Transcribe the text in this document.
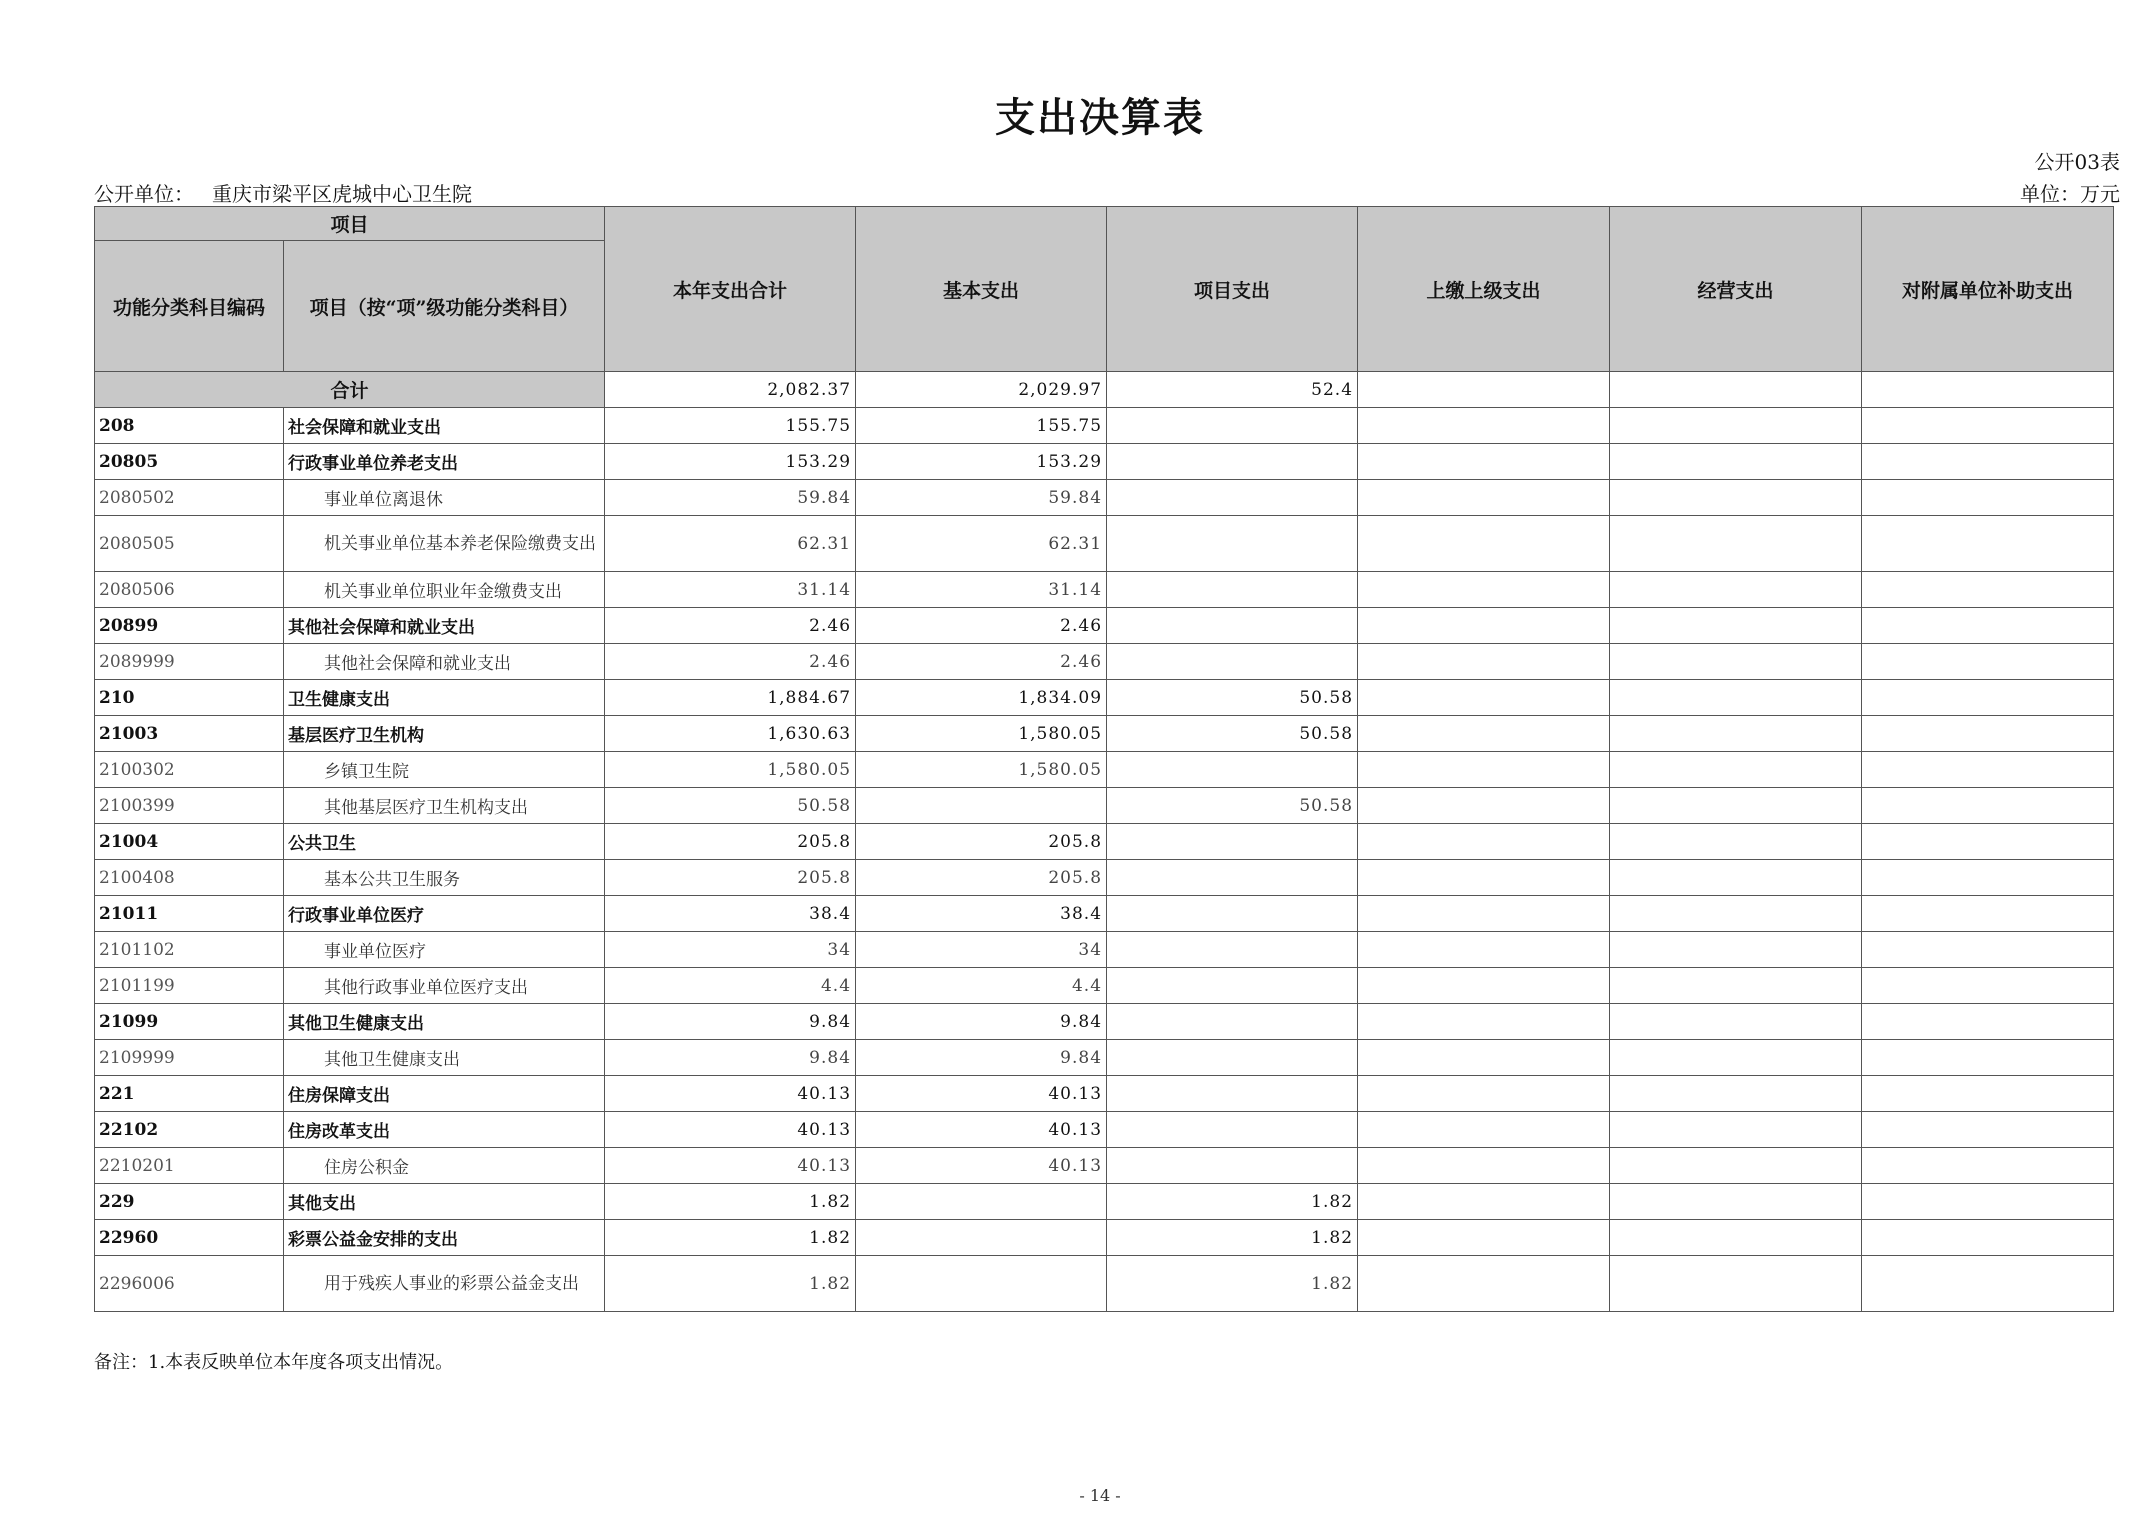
支出决算表
公开03表
公开单位： 重庆市梁平区虎城中心卫生院	单位：万元
项目		本年支出合计	基本支出	项目支出	上缴上级支出	经营支出	对附属单位补助支出
功能分类科目编码	项目（按“项”级功能分类科目）						
合计		2,082.37	2,029.97	52.4			
208	社会保障和就业支出	155.75	155.75				
20805	行政事业单位养老支出	153.29	153.29				
2080502	事业单位离退休	59.84	59.84				
2080505	机关事业单位基本养老保险缴费支出	62.31	62.31				
2080506	机关事业单位职业年金缴费支出	31.14	31.14				
20899	其他社会保障和就业支出	2.46	2.46				
2089999	其他社会保障和就业支出	2.46	2.46				
210	卫生健康支出	1,884.67	1,834.09	50.58			
21003	基层医疗卫生机构	1,630.63	1,580.05	50.58			
2100302	乡镇卫生院	1,580.05	1,580.05				
2100399	其他基层医疗卫生机构支出	50.58		50.58			
21004	公共卫生	205.8	205.8				
2100408	基本公共卫生服务	205.8	205.8				
21011	行政事业单位医疗	38.4	38.4				
2101102	事业单位医疗	34	34				
2101199	其他行政事业单位医疗支出	4.4	4.4				
21099	其他卫生健康支出	9.84	9.84				
2109999	其他卫生健康支出	9.84	9.84				
221	住房保障支出	40.13	40.13				
22102	住房改革支出	40.13	40.13				
2210201	住房公积金	40.13	40.13				
229	其他支出	1.82		1.82			
22960	彩票公益金安排的支出	1.82		1.82			
2296006	用于残疾人事业的彩票公益金支出	1.82		1.82			
备注：1.本表反映单位本年度各项支出情况。
- 14 -
